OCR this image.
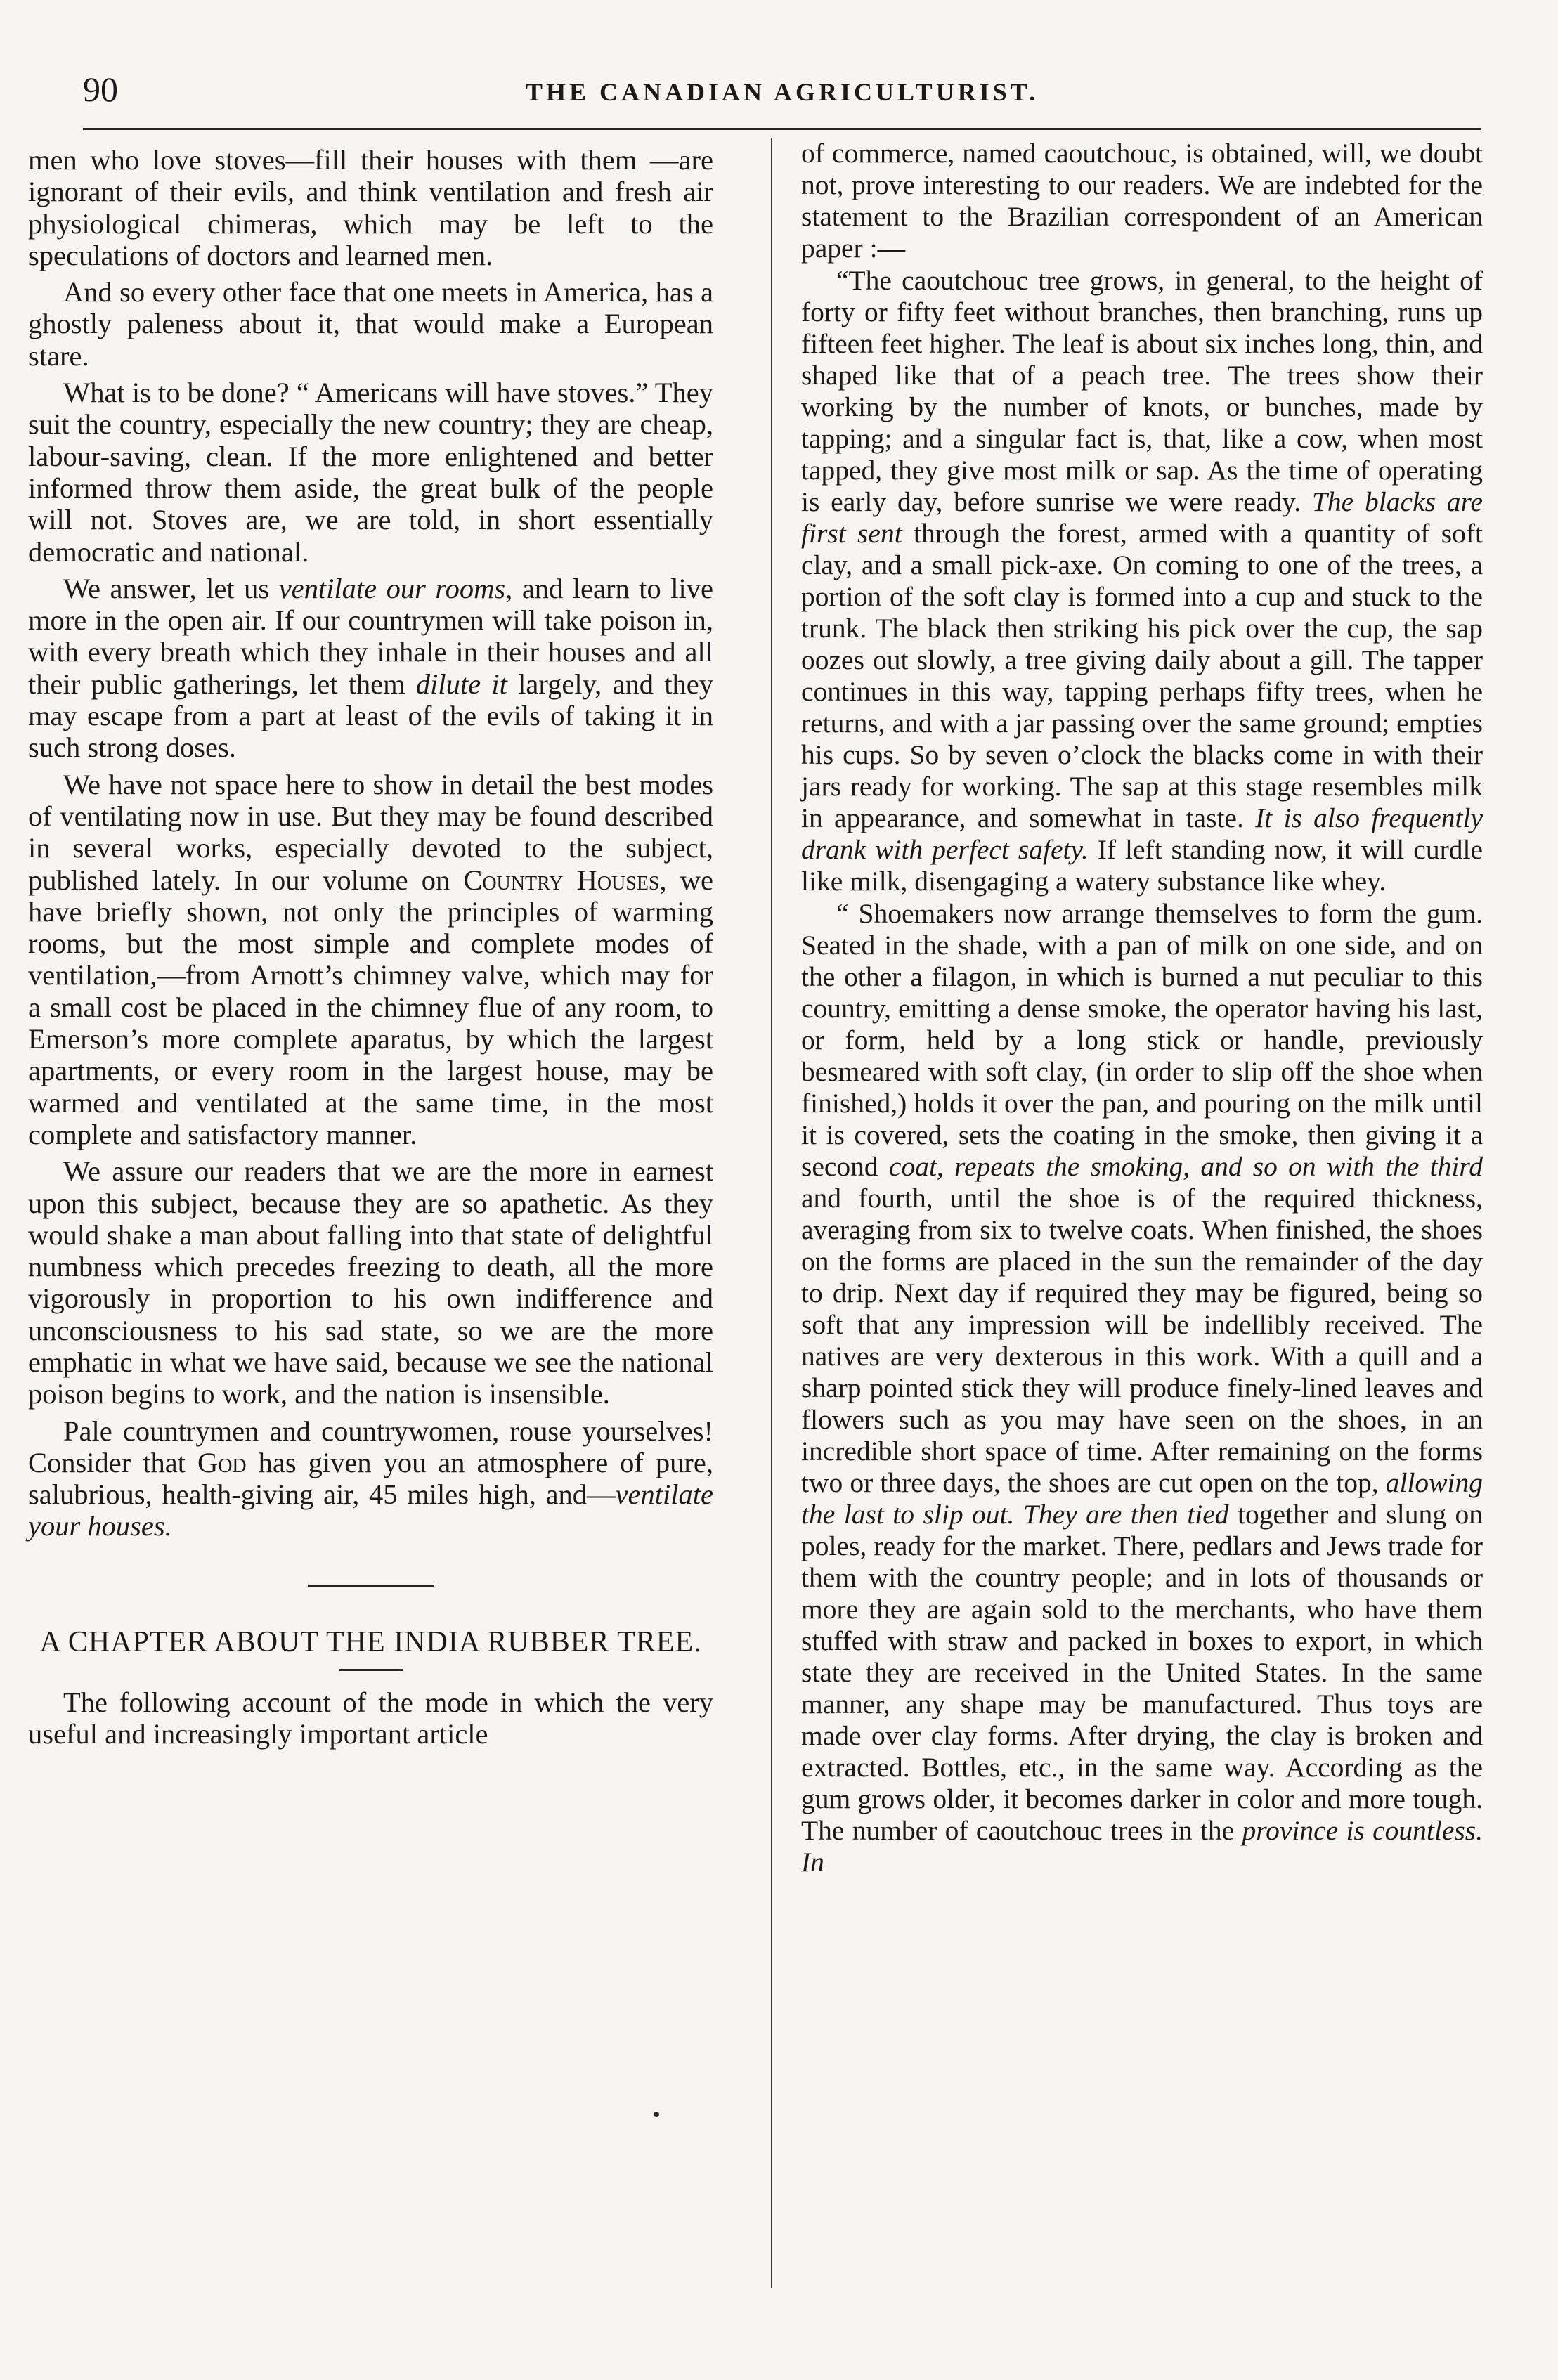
90	THE CANADIAN AGRICULTURIST.

men who love stoves—fill their houses with them —are ignorant of their evils, and think ventilation and fresh air physiological chimeras, which may be left to the speculations of doctors and learned men.

And so every other face that one meets in America, has a ghostly paleness about it, that would make a European stare.

What is to be done? “ Americans will have stoves.” They suit the country, especially the new country; they are cheap, labour-saving, clean. If the more enlightened and better informed throw them aside, the great bulk of the people will not. Stoves are, we are told, in short essentially democratic and national.

We answer, let us ventilate our rooms, and learn to live more in the open air. If our countrymen will take poison in, with every breath which they inhale in their houses and all their public gatherings, let them dilute it largely, and they may escape from a part at least of the evils of taking it in such strong doses.

We have not space here to show in detail the best modes of ventilating now in use. But they may be found described in several works, especially devoted to the subject, published lately. In our volume on Country Houses, we have briefly shown, not only the principles of warming rooms, but the most simple and complete modes of ventilation,—from Arnott’s chimney valve, which may for a small cost be placed in the chimney flue of any room, to Emerson’s more complete aparatus, by which the largest apartments, or every room in the largest house, may be warmed and ventilated at the same time, in the most complete and satisfactory manner.

We assure our readers that we are the more in earnest upon this subject, because they are so apathetic. As they would shake a man about falling into that state of delightful numbness which precedes freezing to death, all the more vigorously in proportion to his own indifference and unconsciousness to his sad state, so we are the more emphatic in what we have said, because we see the national poison begins to work, and the nation is insensible.

Pale countrymen and countrywomen, rouse yourselves! Consider that God has given you an atmosphere of pure, salubrious, health-giving air, 45 miles high, and—ventilate your houses.

A CHAPTER ABOUT THE INDIA RUBBER TREE.

The following account of the mode in which the very useful and increasingly important article

of commerce, named caoutchouc, is obtained, will, we doubt not, prove interesting to our readers. We are indebted for the statement to the Brazilian correspondent of an American paper :—

“The caoutchouc tree grows, in general, to the height of forty or fifty feet without branches, then branching, runs up fifteen feet higher. The leaf is about six inches long, thin, and shaped like that of a peach tree. The trees show their working by the number of knots, or bunches, made by tapping; and a singular fact is, that, like a cow, when most tapped, they give most milk or sap. As the time of operating is early day, before sunrise we were ready. The blacks are first sent through the forest, armed with a quantity of soft clay, and a small pick-axe. On coming to one of the trees, a portion of the soft clay is formed into a cup and stuck to the trunk. The black then striking his pick over the cup, the sap oozes out slowly, a tree giving daily about a gill. The tapper continues in this way, tapping perhaps fifty trees, when he returns, and with a jar passing over the same ground; empties his cups. So by seven o’clock the blacks come in with their jars ready for working. The sap at this stage resembles milk in appearance, and somewhat in taste. It is also frequently drank with perfect safety. If left standing now, it will curdle like milk, disengaging a watery substance like whey.

“ Shoemakers now arrange themselves to form the gum. Seated in the shade, with a pan of milk on one side, and on the other a filagon, in which is burned a nut peculiar to this country, emitting a dense smoke, the operator having his last, or form, held by a long stick or handle, previously besmeared with soft clay, (in order to slip off the shoe when finished,) holds it over the pan, and pouring on the milk until it is covered, sets the coating in the smoke, then giving it a second coat, repeats the smoking, and so on with the third and fourth, until the shoe is of the required thickness, averaging from six to twelve coats. When finished, the shoes on the forms are placed in the sun the remainder of the day to drip. Next day if required they may be figured, being so soft that any impression will be indellibly received. The natives are very dexterous in this work. With a quill and a sharp pointed stick they will produce finely-lined leaves and flowers such as you may have seen on the shoes, in an incredible short space of time. After remaining on the forms two or three days, the shoes are cut open on the top, allowing the last to slip out. They are then tied together and slung on poles, ready for the market. There, pedlars and Jews trade for them with the country people; and in lots of thousands or more they are again sold to the merchants, who have them stuffed with straw and packed in boxes to export, in which state they are received in the United States. In the same manner, any shape may be manufactured. Thus toys are made over clay forms. After drying, the clay is broken and extracted. Bottles, etc., in the same way. According as the gum grows older, it becomes darker in color and more tough. The number of caoutchouc trees in the province is countless. In
